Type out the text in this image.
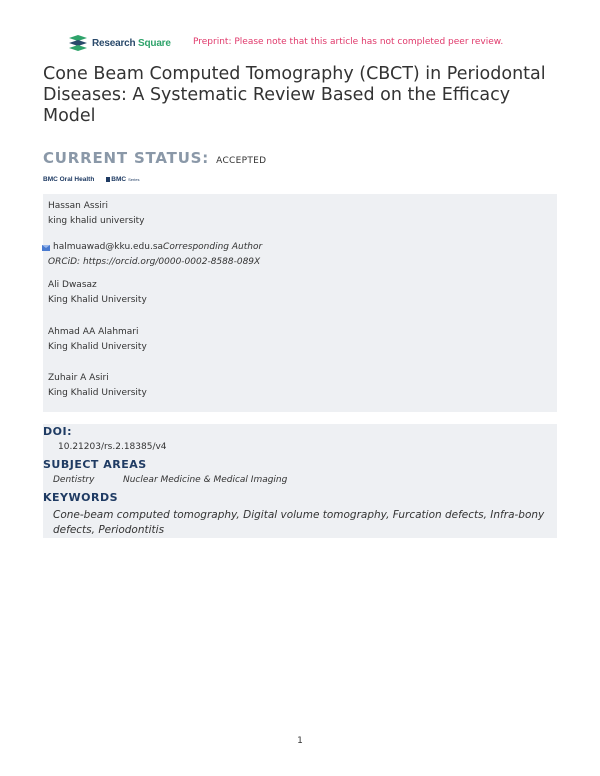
Research Square Preprint: Please note that this article has not completed peer review.
Cone Beam Computed Tomography (CBCT) in Periodontal Diseases: A Systematic Review Based on the Efficacy Model
CURRENT STATUS: ACCEPTED
BMC Oral Health	BMC Series
Hassan Assiri
king khalid university
halmuawad@kku.edu.sa Corresponding Author
ORCiD: https://orcid.org/0000-0002-8588-089X
Ali Dwasaz
King Khalid University
Ahmad AA Alahmari
King Khalid University
Zuhair A Asiri
King Khalid University
DOI:
10.21203/rs.2.18385/v4
SUBJECT AREAS
Dentistry	Nuclear Medicine & Medical Imaging
KEYWORDS
Cone-beam computed tomography, Digital volume tomography, Furcation defects, Infra-bony defects, Periodontitis
1
